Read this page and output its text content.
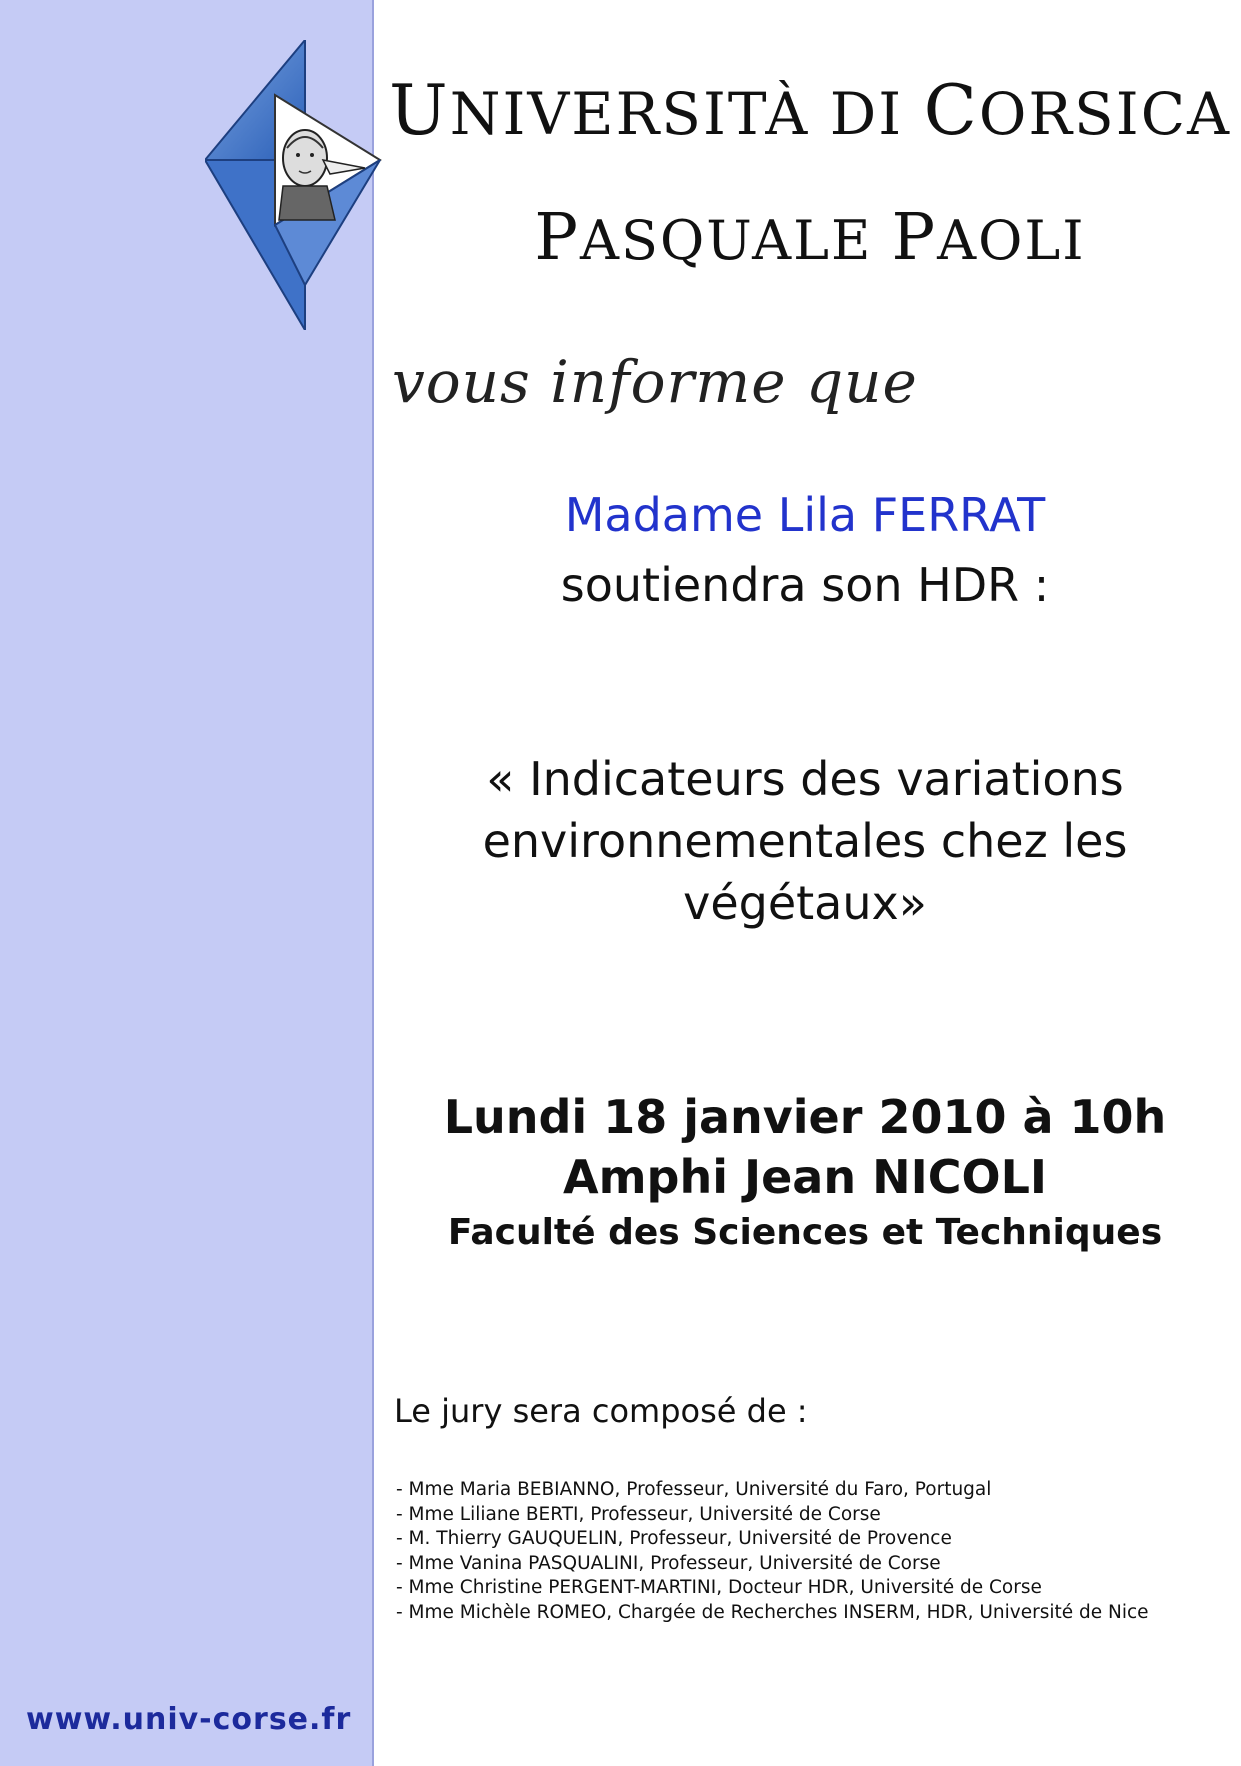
UNIVERSITÀ DI CORSICA
PASQUALE PAOLI

vous informe que

Madame Lila FERRAT

soutiendra son HDR :

« Indicateurs des variations
environnementales chez les
végétaux»

Lundi 18 janvier 2010 à 10h

Amphi Jean NICOLI

Faculté des Sciences et Techniques

Le jury sera composé de :

- Mme Maria BEBIANNO, Professeur, Université du Faro, Portugal
- Mme Liliane BERTI, Professeur, Université de Corse
- M. Thierry GAUQUELIN, Professeur, Université de Provence
- Mme Vanina PASQUALINI, Professeur, Université de Corse
- Mme Christine PERGENT-MARTINI, Docteur HDR, Université de Corse
- Mme Michèle ROMEO, Chargée de Recherches INSERM, HDR, Université de Nice
www.univ-corse.fr
